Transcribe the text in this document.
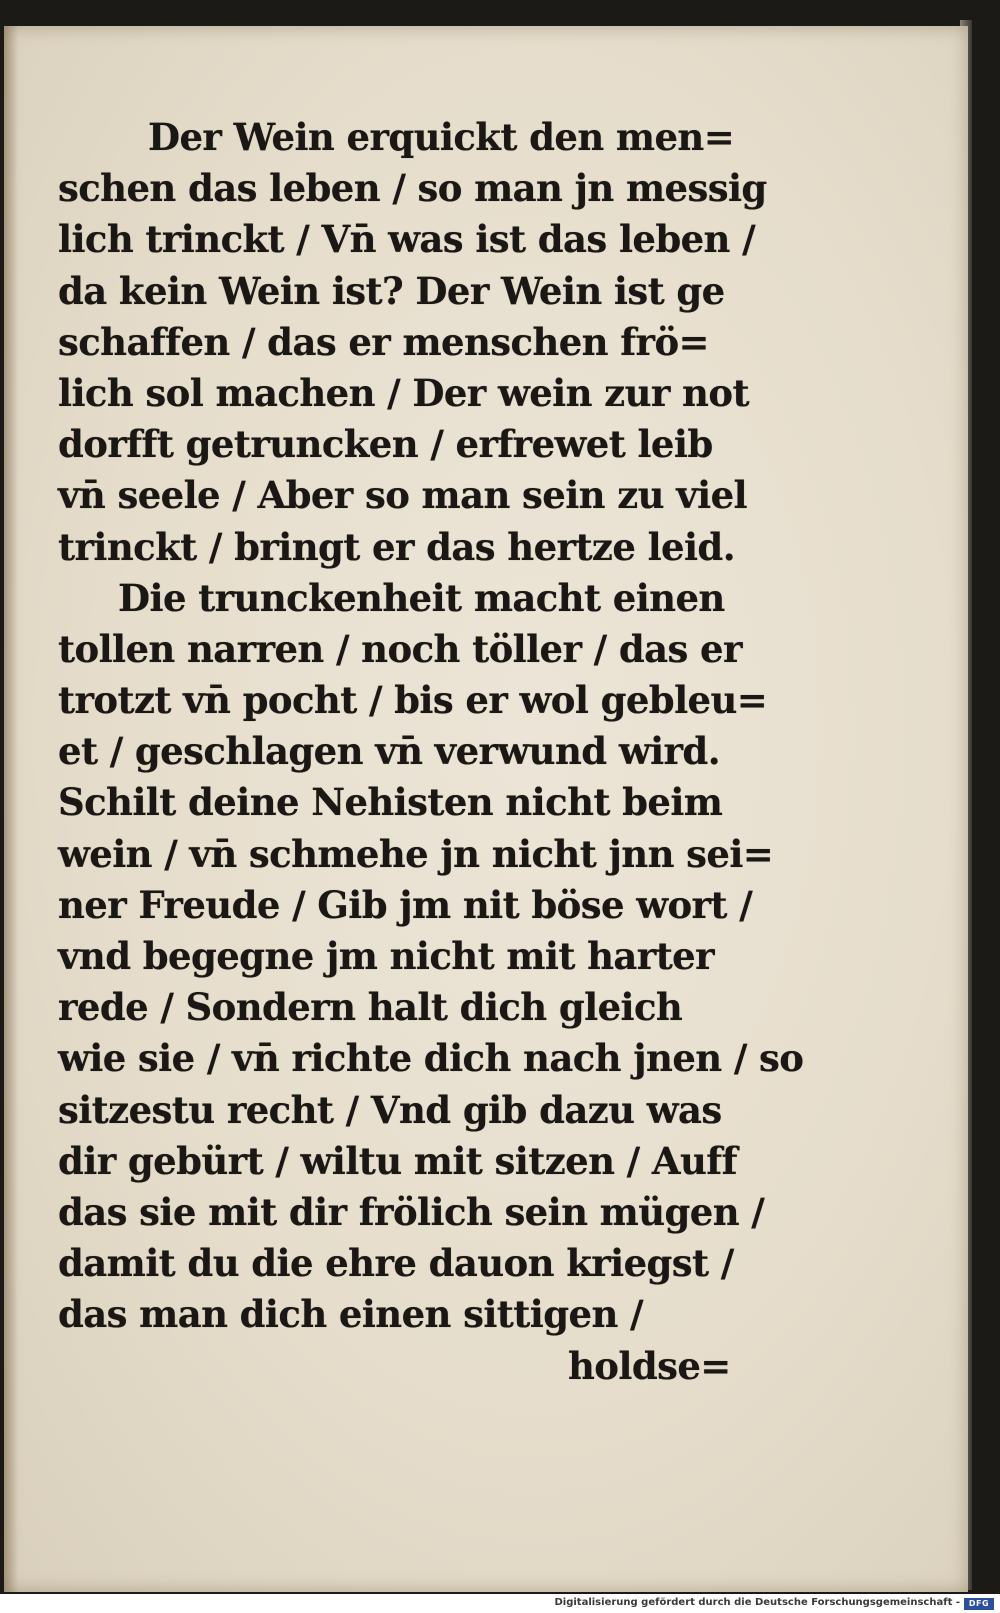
Der Wein erquickt den men=
schen das leben / so man jn messig
lich trinckt / Vn̄ was ist das leben /
da kein Wein ist? Der Wein ist ge
schaffen / das er menschen frö=
lich sol machen / Der wein zur not
dorfft getruncken / erfrewet leib
vn̄ seele / Aber so man sein zu viel
trinckt / bringt er das hertze leid.
Die trunckenheit macht einen
tollen narren / noch töller / das er
trotzt vn̄ pocht / bis er wol gebleu=
et / geschlagen vn̄ verwund wird.
Schilt deine Nehisten nicht beim
wein / vn̄ schmehe jn nicht jnn sei=
ner Freude / Gib jm nit böse wort /
vnd begegne jm nicht mit harter
rede / Sondern halt dich gleich
wie sie / vn̄ richte dich nach jnen / so
sitzestu recht / Vnd gib dazu was
dir gebürt / wiltu mit sitzen / Auff
das sie mit dir frölich sein mügen /
damit du die ehre dauon kriegst /
das man dich einen sittigen /
holdse=
Digitalisierung gefördert durch die Deutsche Forschungsgemeinschaft -	DFG
